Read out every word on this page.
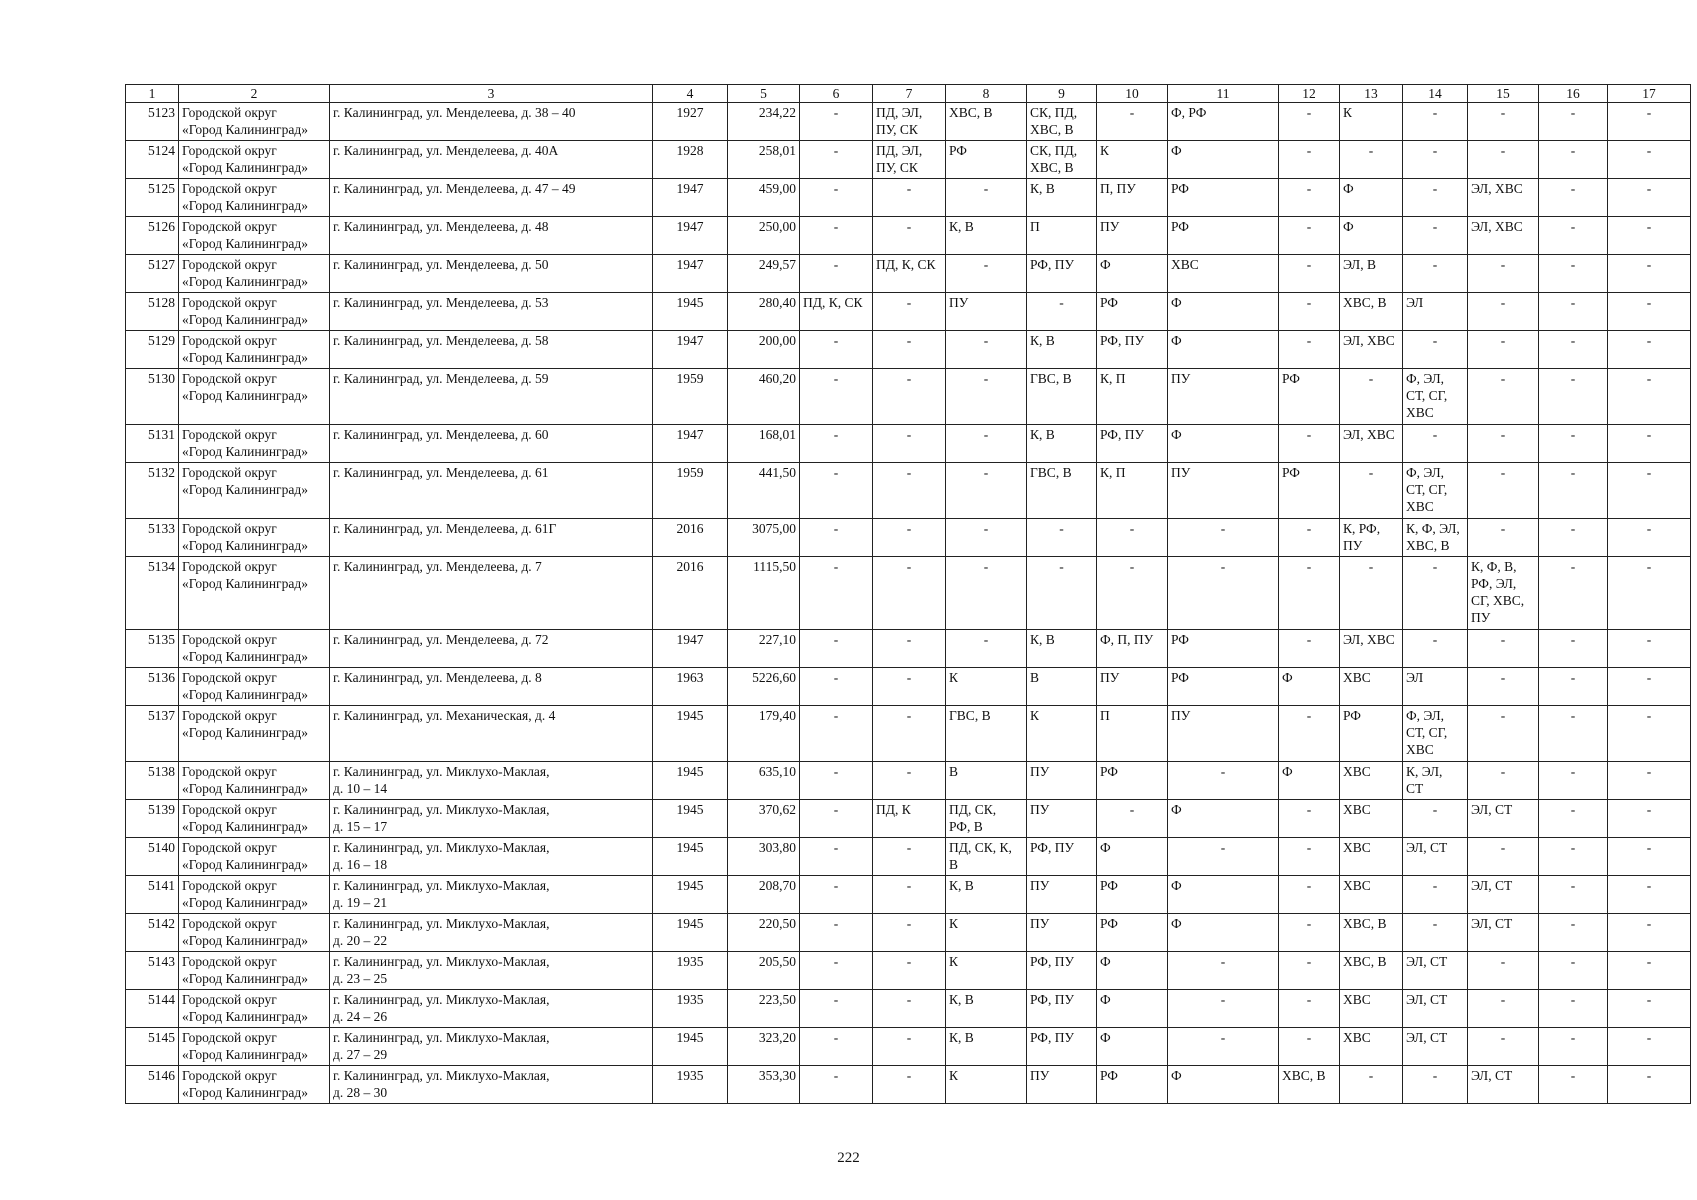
1	2	3	4	5	6	7	8	9	10	11	12	13	14	15	16	17
5123	Городской округ
«Город Калининград»	г. Калининград, ул. Менделеева, д. 38 – 40	1927	234,22	-	ПД, ЭЛ,
ПУ, СК	ХВС, В	СК, ПД,
ХВС, В	-	Ф, РФ	-	К	-	-	-	-
5124	Городской округ
«Город Калининград»	г. Калининград, ул. Менделеева, д. 40А	1928	258,01	-	ПД, ЭЛ,
ПУ, СК	РФ	СК, ПД,
ХВС, В	К	Ф	-	-	-	-	-	-
5125	Городской округ
«Город Калининград»	г. Калининград, ул. Менделеева, д. 47 – 49	1947	459,00	-	-	-	К, В	П, ПУ	РФ	-	Ф	-	ЭЛ, ХВС	-	-
5126	Городской округ
«Город Калининград»	г. Калининград, ул. Менделеева, д. 48	1947	250,00	-	-	К, В	П	ПУ	РФ	-	Ф	-	ЭЛ, ХВС	-	-
5127	Городской округ
«Город Калининград»	г. Калининград, ул. Менделеева, д. 50	1947	249,57	-	ПД, К, СК	-	РФ, ПУ	Ф	ХВС	-	ЭЛ, В	-	-	-	-
5128	Городской округ
«Город Калининград»	г. Калининград, ул. Менделеева, д. 53	1945	280,40	ПД, К, СК	-	ПУ	-	РФ	Ф	-	ХВС, В	ЭЛ	-	-	-
5129	Городской округ
«Город Калининград»	г. Калининград, ул. Менделеева, д. 58	1947	200,00	-	-	-	К, В	РФ, ПУ	Ф	-	ЭЛ, ХВС	-	-	-	-
5130	Городской округ
«Город Калининград»	г. Калининград, ул. Менделеева, д. 59	1959	460,20	-	-	-	ГВС, В	К, П	ПУ	РФ	-	Ф, ЭЛ,
СТ, СГ,
ХВС	-	-	-
5131	Городской округ
«Город Калининград»	г. Калининград, ул. Менделеева, д. 60	1947	168,01	-	-	-	К, В	РФ, ПУ	Ф	-	ЭЛ, ХВС	-	-	-	-
5132	Городской округ
«Город Калининград»	г. Калининград, ул. Менделеева, д. 61	1959	441,50	-	-	-	ГВС, В	К, П	ПУ	РФ	-	Ф, ЭЛ,
СТ, СГ,
ХВС	-	-	-
5133	Городской округ
«Город Калининград»	г. Калининград, ул. Менделеева, д. 61Г	2016	3075,00	-	-	-	-	-	-	-	К, РФ,
ПУ	К, Ф, ЭЛ,
ХВС, В	-	-	-
5134	Городской округ
«Город Калининград»	г. Калининград, ул. Менделеева, д. 7	2016	1115,50	-	-	-	-	-	-	-	-	-	К, Ф, В,
РФ, ЭЛ,
СГ, ХВС,
ПУ	-	-
5135	Городской округ
«Город Калининград»	г. Калининград, ул. Менделеева, д. 72	1947	227,10	-	-	-	К, В	Ф, П, ПУ	РФ	-	ЭЛ, ХВС	-	-	-	-
5136	Городской округ
«Город Калининград»	г. Калининград, ул. Менделеева, д. 8	1963	5226,60	-	-	К	В	ПУ	РФ	Ф	ХВС	ЭЛ	-	-	-
5137	Городской округ
«Город Калининград»	г. Калининград, ул. Механическая, д. 4	1945	179,40	-	-	ГВС, В	К	П	ПУ	-	РФ	Ф, ЭЛ,
СТ, СГ,
ХВС	-	-	-
5138	Городской округ
«Город Калининград»	г. Калининград, ул. Миклухо-Маклая,
д. 10 – 14	1945	635,10	-	-	В	ПУ	РФ	-	Ф	ХВС	К, ЭЛ,
СТ	-	-	-
5139	Городской округ
«Город Калининград»	г. Калининград, ул. Миклухо-Маклая,
д. 15 – 17	1945	370,62	-	ПД, К	ПД, СК,
РФ, В	ПУ	-	Ф	-	ХВС	-	ЭЛ, СТ	-	-
5140	Городской округ
«Город Калининград»	г. Калининград, ул. Миклухо-Маклая,
д. 16 – 18	1945	303,80	-	-	ПД, СК, К,
В	РФ, ПУ	Ф	-	-	ХВС	ЭЛ, СТ	-	-	-
5141	Городской округ
«Город Калининград»	г. Калининград, ул. Миклухо-Маклая,
д. 19 – 21	1945	208,70	-	-	К, В	ПУ	РФ	Ф	-	ХВС	-	ЭЛ, СТ	-	-
5142	Городской округ
«Город Калининград»	г. Калининград, ул. Миклухо-Маклая,
д. 20 – 22	1945	220,50	-	-	К	ПУ	РФ	Ф	-	ХВС, В	-	ЭЛ, СТ	-	-
5143	Городской округ
«Город Калининград»	г. Калининград, ул. Миклухо-Маклая,
д. 23 – 25	1935	205,50	-	-	К	РФ, ПУ	Ф	-	-	ХВС, В	ЭЛ, СТ	-	-	-
5144	Городской округ
«Город Калининград»	г. Калининград, ул. Миклухо-Маклая,
д. 24 – 26	1935	223,50	-	-	К, В	РФ, ПУ	Ф	-	-	ХВС	ЭЛ, СТ	-	-	-
5145	Городской округ
«Город Калининград»	г. Калининград, ул. Миклухо-Маклая,
д. 27 – 29	1945	323,20	-	-	К, В	РФ, ПУ	Ф	-	-	ХВС	ЭЛ, СТ	-	-	-
5146	Городской округ
«Город Калининград»	г. Калининград, ул. Миклухо-Маклая,
д. 28 – 30	1935	353,30	-	-	К	ПУ	РФ	Ф	ХВС, В	-	-	ЭЛ, СТ	-	-
222
